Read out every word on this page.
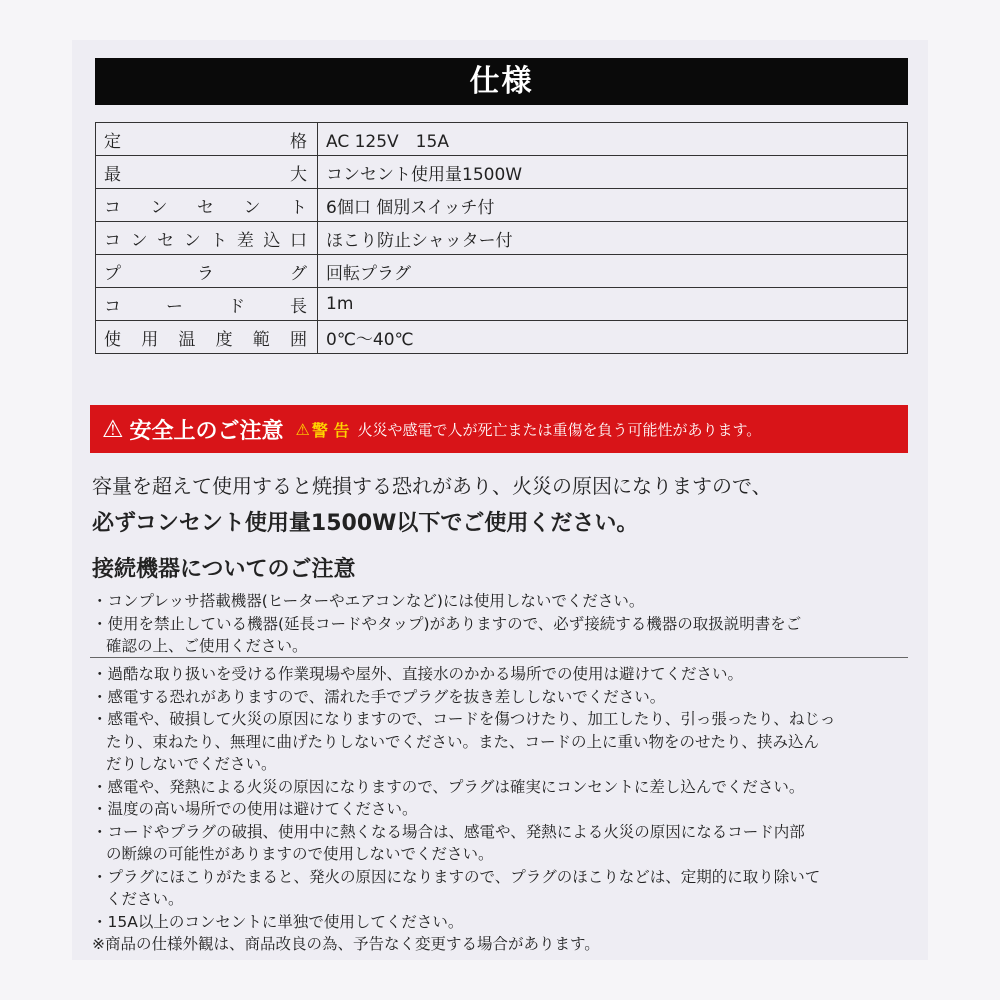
仕様
定格	AC 125V　15A
最大	コンセント使用量1500W
コンセント	6個口 個別スイッチ付
コンセント差込口	ほこり防止シャッター付
プラグ	回転プラグ
コード長	1m
使用温度範囲	0℃～40℃
⚠ 安全上のご注意 ⚠ 警 告 火災や感電で人が死亡または重傷を負う可能性があります。
容量を超えて使用すると焼損する恐れがあり、火災の原因になりますので、
必ずコンセント使用量1500W以下でご使用ください。
接続機器についてのご注意
・コンプレッサ搭載機器(ヒーターやエアコンなど)には使用しないでください。
・使用を禁止している機器(延長コードやタップ)がありますので、必ず接続する機器の取扱説明書をご
確認の上、ご使用ください。
・過酷な取り扱いを受ける作業現場や屋外、直接水のかかる場所での使用は避けてください。
・感電する恐れがありますので、濡れた手でプラグを抜き差ししないでください。
・感電や、破損して火災の原因になりますので、コードを傷つけたり、加工したり、引っ張ったり、ねじっ
たり、束ねたり、無理に曲げたりしないでください。また、コードの上に重い物をのせたり、挟み込ん
だりしないでください。
・感電や、発熱による火災の原因になりますので、プラグは確実にコンセントに差し込んでください。
・温度の高い場所での使用は避けてください。
・コードやプラグの破損、使用中に熱くなる場合は、感電や、発熱による火災の原因になるコード内部
の断線の可能性がありますので使用しないでください。
・プラグにほこりがたまると、発火の原因になりますので、プラグのほこりなどは、定期的に取り除いて
ください。
・15A以上のコンセントに単独で使用してください。
※商品の仕様外観は、商品改良の為、予告なく変更する場合があります。
